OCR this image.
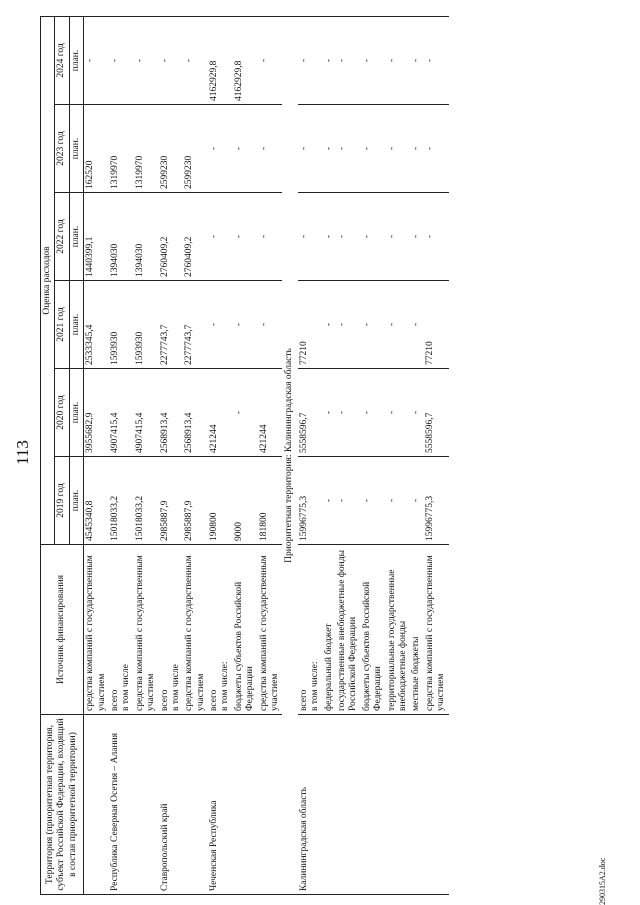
113
Территория (приоритетная территория, субъект Российской Федерации, входящий в состав приоритетной территории)	Источник финансирования	Оценка расходов					
		2019 год	2020 год	2021 год	2022 год	2023 год	2024 год
		план.	план.	план.	план.	план.	план.

	средства компаний с государственным участием	4545340,8	3955682,9	2533345,4	1440399,1	162520	-
Республика Северная Осетия – Алания	всего в том числе	15018033,2	4907415,4	1593930	1394030	1319970	-

	средства компаний с государственным участием	15018033,2	4907415,4	1593930	1394030	1319970	-
Ставропольский край	всего в том числе	2985887,9	2568913,4	2277743,7	2760409,2	2599230	-

	средства компаний с государственным участием	2985887,9	2568913,4	2277743,7	2760409,2	2599230	-
Чеченская Республика	всего в том числе:	190800	421244	-	-	-	4162929,8

	бюджеты субъектов Российской Федерации	9000	-	-	-	-	4162929,8

	средства компаний с государственным участием	181800	421244	-	-	-	-
Приоритетная территория: Калининградская область							
Калининградская область	всего в том числе:	15996775,3	5558596,7	77210	-	-	-

	федеральный бюджет	-	-	-	-	-	-

	государственные внебюджетные фонды Российской Федерации	-	-	-	-	-	-

	бюджеты субъектов Российской Федерации	-	-	-	-	-	-

	территориальные государственные внебюджетные фонды	-	-	-	-	-	-

	местные бюджеты	-	-	-	-	-	-

	средства компаний с государственным участием	15996775,3	5558596,7	77210	-	-	-
290315A2.doc
